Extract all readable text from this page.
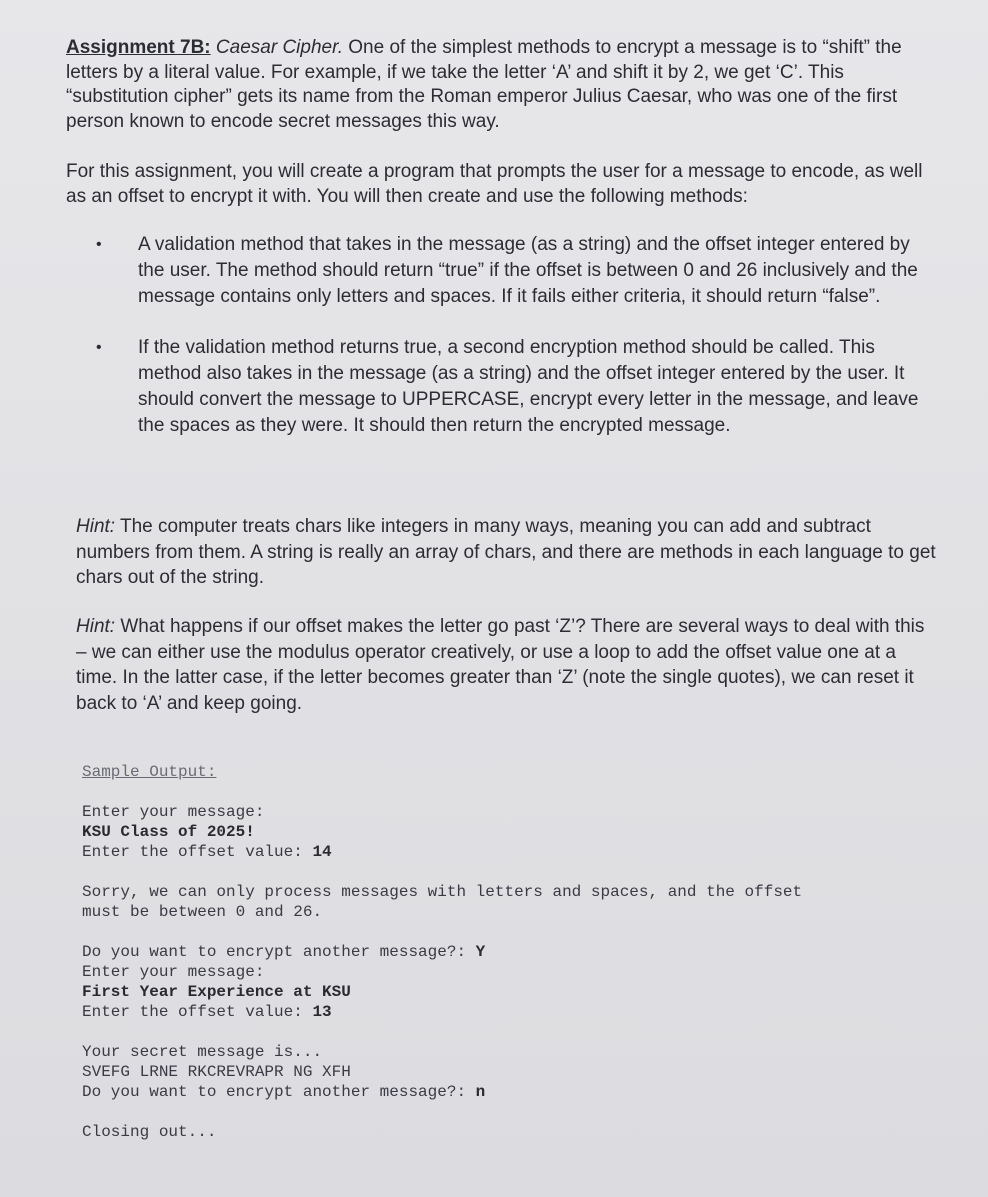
Assignment 7B: Caesar Cipher. One of the simplest methods to encrypt a message is to “shift” the letters by a literal value. For example, if we take the letter ‘A’ and shift it by 2, we get ‘C’. This “substitution cipher” gets its name from the Roman emperor Julius Caesar, who was one of the first person known to encode secret messages this way.
For this assignment, you will create a program that prompts the user for a message to encode, as well as an offset to encrypt it with. You will then create and use the following methods:
• A validation method that takes in the message (as a string) and the offset integer entered by the user. The method should return “true” if the offset is between 0 and 26 inclusively and the message contains only letters and spaces. If it fails either criteria, it should return “false”.
• If the validation method returns true, a second encryption method should be called. This method also takes in the message (as a string) and the offset integer entered by the user. It should convert the message to UPPERCASE, encrypt every letter in the message, and leave the spaces as they were. It should then return the encrypted message.
Hint: The computer treats chars like integers in many ways, meaning you can add and subtract numbers from them. A string is really an array of chars, and there are methods in each language to get chars out of the string.
Hint: What happens if our offset makes the letter go past ‘Z’? There are several ways to deal with this – we can either use the modulus operator creatively, or use a loop to add the offset value one at a time. In the latter case, if the letter becomes greater than ‘Z’ (note the single quotes), we can reset it back to ‘A’ and keep going.
Sample Output:
Enter your message:
KSU Class of 2025!
Enter the offset value: 14
Sorry, we can only process messages with letters and spaces, and the offset
must be between 0 and 26.
Do you want to encrypt another message?: Y
Enter your message:
First Year Experience at KSU
Enter the offset value: 13
Your secret message is...
SVEFG LRNE RKCREVRAPR NG XFH
Do you want to encrypt another message?: n
Closing out...
